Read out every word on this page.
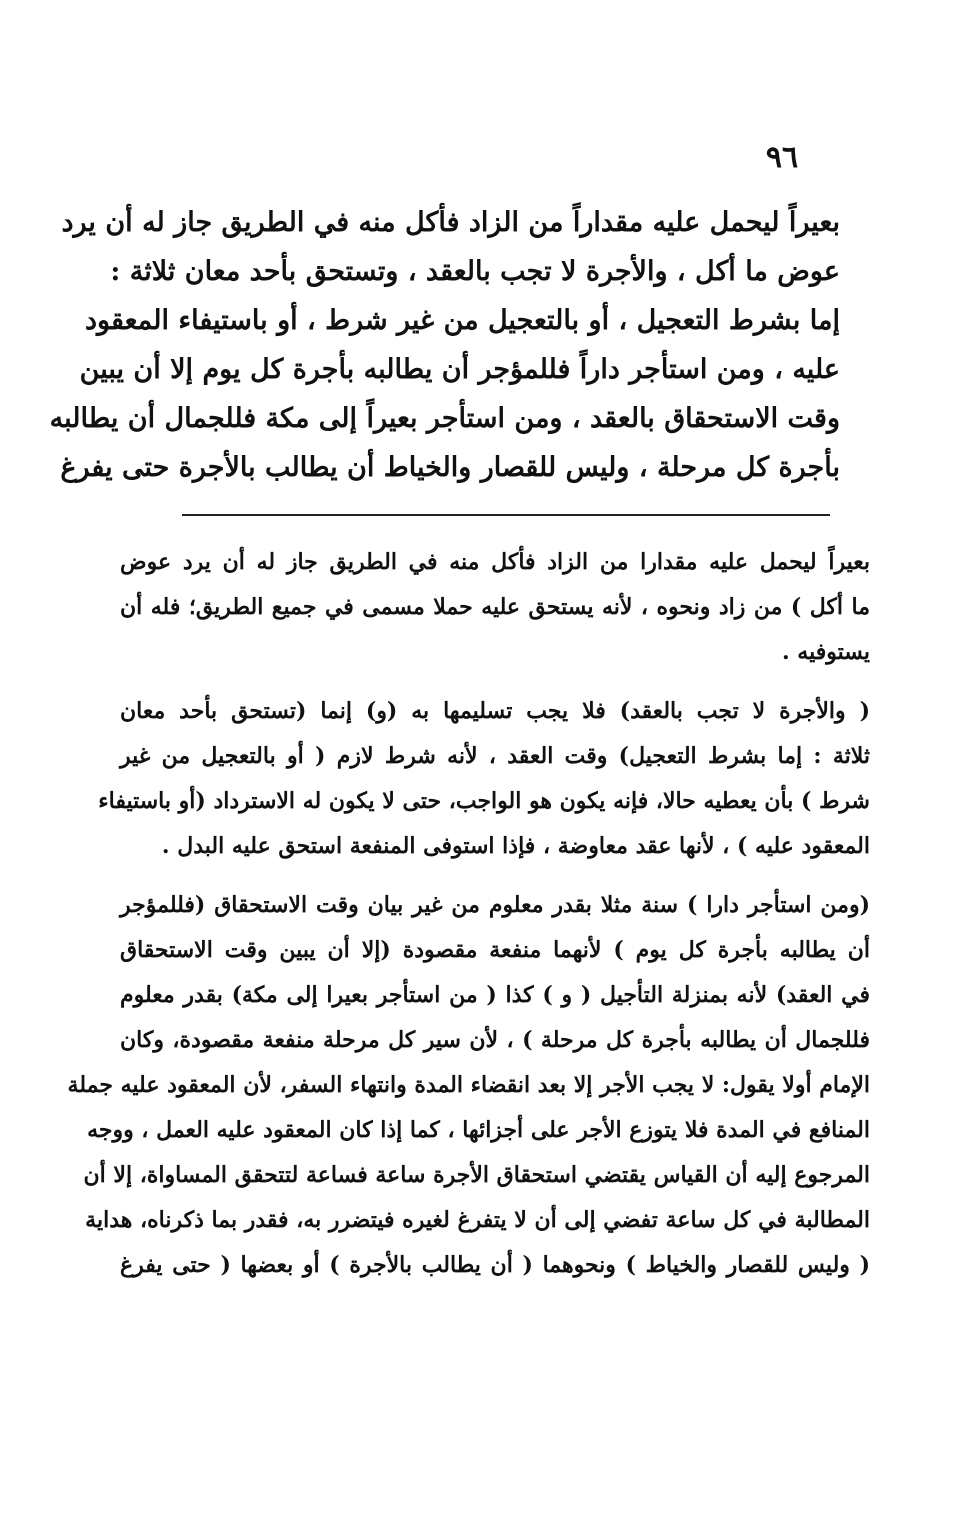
٩٦
بعيراً ليحمل عليه مقداراً من الزاد فأكل منه في الطريق جاز له أن يرد
عوض ما أكل ، والأجرة لا تجب بالعقد ، وتستحق بأحد معان ثلاثة :
إما بشرط التعجيل ، أو بالتعجيل من غير شرط ، أو باستيفاء المعقود
عليه ، ومن استأجر داراً فللمؤجر أن يطالبه بأجرة كل يوم إلا أن يبين
وقت الاستحقاق بالعقد ، ومن استأجر بعيراً إلى مكة فللجمال أن يطالبه
بأجرة كل مرحلة ، وليس للقصار والخياط أن يطالب بالأجرة حتى يفرغ
بعيراً ليحمل عليه مقدارا من الزاد فأكل منه في الطريق جاز له أن يرد عوض
ما أكل ) من زاد ونحوه ، لأنه يستحق عليه حملا مسمى في جميع الطريق؛ فله أن
يستوفيه .
( والأجرة لا تجب بالعقد) فلا يجب تسليمها به (و) إنما (تستحق بأحد معان
ثلاثة : إما بشرط التعجيل) وقت العقد ، لأنه شرط لازم ( أو بالتعجيل من غير
شرط ) بأن يعطيه حالا، فإنه يكون هو الواجب، حتى لا يكون له الاسترداد (أو باستيفاء
المعقود عليه ) ، لأنها عقد معاوضة ، فإذا استوفى المنفعة استحق عليه البدل .
(ومن استأجر دارا ) سنة مثلا بقدر معلوم من غير بيان وقت الاستحقاق (فللمؤجر
أن يطالبه بأجرة كل يوم ) لأنهما منفعة مقصودة (إلا أن يبين وقت الاستحقاق
في العقد) لأنه بمنزلة التأجيل ( و ) كذا ( من استأجر بعيرا إلى مكة) بقدر معلوم
فللجمال أن يطالبه بأجرة كل مرحلة ) ، لأن سير كل مرحلة منفعة مقصودة، وكان
الإمام أولا يقول: لا يجب الأجر إلا بعد انقضاء المدة وانتهاء السفر، لأن المعقود عليه جملة
المنافع في المدة فلا يتوزع الأجر على أجزائها ، كما إذا كان المعقود عليه العمل ، ووجه
المرجوع إليه أن القياس يقتضي استحقاق الأجرة ساعة فساعة لتتحقق المساواة، إلا أن
المطالبة في كل ساعة تفضي إلى أن لا يتفرغ لغيره فيتضرر به، فقدر بما ذكرناه، هداية
( وليس للقصار والخياط ) ونحوهما ( أن يطالب بالأجرة ) أو بعضها ( حتى يفرغ
